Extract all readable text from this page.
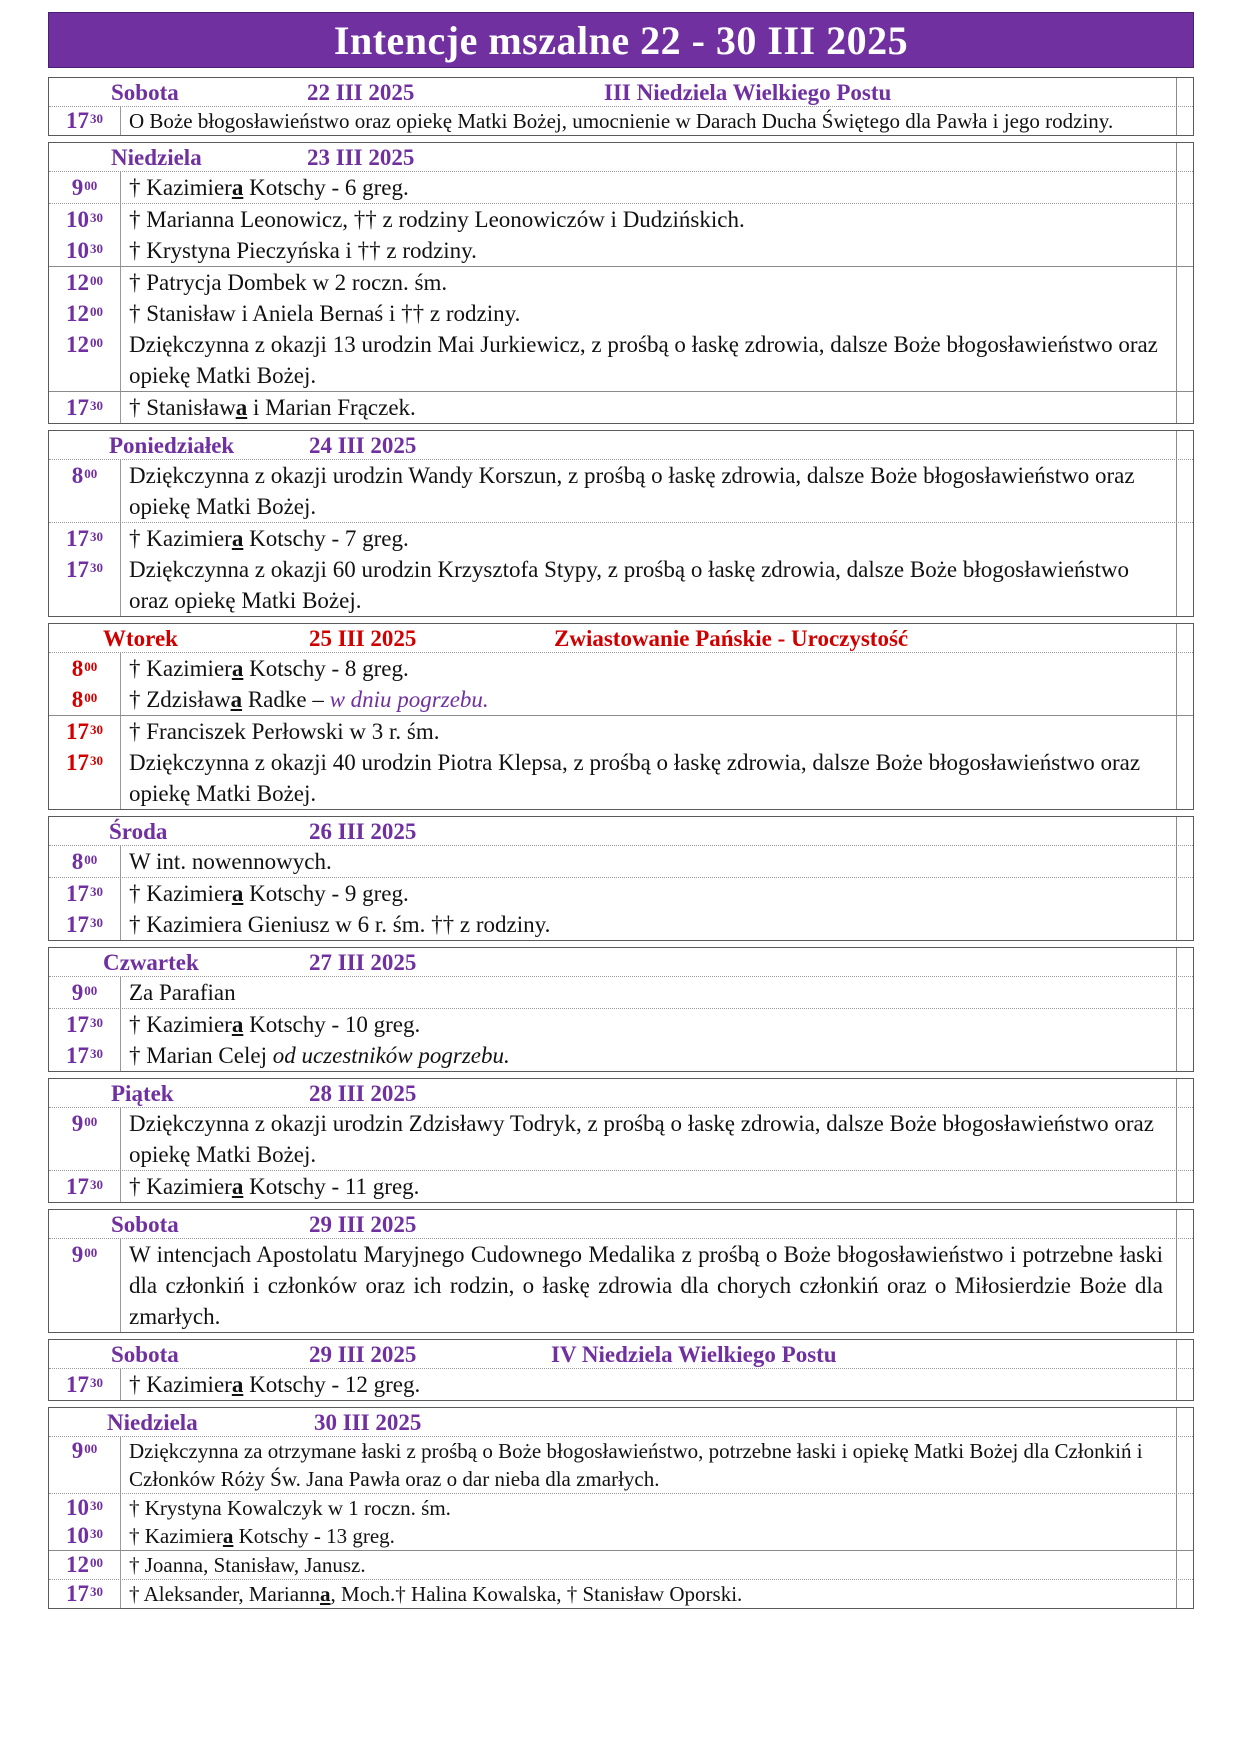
Intencje mszalne 22 - 30 III 2025
Sobota	22 III 2025	III Niedziela Wielkiego Postu
$17^{30}$	O Boże błogosławieństwo oraz opiekę Matki Bożej, umocnienie w Darach Ducha Świętego dla Pawła i jego rodziny.
Niedziela	23 III 2025
$9^{00}$	† Kazimiera Kotschy - 6 greg.
$10^{30}$	† Marianna Leonowicz, †† z rodziny Leonowiczów i Dudzińskich.
$10^{30}$	† Krystyna Pieczyńska i †† z rodziny.
$12^{00}$	† Patrycja Dombek w 2 roczn. śm.
$12^{00}$	† Stanisław i Aniela Bernaś i †† z rodziny.
$12^{00}$	Dziękczynna z okazji 13 urodzin Mai Jurkiewicz, z prośbą o łaskę zdrowia, dalsze Boże błogosławieństwo oraz opiekę Matki Bożej.
$17^{30}$	† Stanisława i Marian Frączek.
Poniedziałek	24 III 2025
$8^{00}$	Dziękczynna z okazji urodzin Wandy Korszun, z prośbą o łaskę zdrowia, dalsze Boże błogosławieństwo oraz opiekę Matki Bożej.
$17^{30}$	† Kazimiera Kotschy - 7 greg.
$17^{30}$	Dziękczynna z okazji 60 urodzin Krzysztofa Stypy, z prośbą o łaskę zdrowia, dalsze Boże błogosławieństwo oraz opiekę Matki Bożej.
Wtorek	25 III 2025	Zwiastowanie Pańskie - Uroczystość
$8^{00}$	† Kazimiera Kotschy - 8 greg.
$8^{00}$	† Zdzisława Radke – w dniu pogrzebu.
$17^{30}$	† Franciszek Perłowski w 3 r. śm.
$17^{30}$	Dziękczynna z okazji 40 urodzin Piotra Klepsa, z prośbą o łaskę zdrowia, dalsze Boże błogosławieństwo oraz opiekę Matki Bożej.
Środa	26 III 2025
$8^{00}$	W int. nowennowych.
$17^{30}$	† Kazimiera Kotschy - 9 greg.
$17^{30}$	† Kazimiera Gieniusz w 6 r. śm. †† z rodziny.
Czwartek	27 III 2025
$9^{00}$	Za Parafian
$17^{30}$	† Kazimiera Kotschy - 10 greg.
$17^{30}$	† Marian Celej od uczestników pogrzebu.
Piątek	28 III 2025
$9^{00}$	Dziękczynna z okazji urodzin Zdzisławy Todryk, z prośbą o łaskę zdrowia, dalsze Boże błogosławieństwo oraz opiekę Matki Bożej.
$17^{30}$	† Kazimiera Kotschy - 11 greg.
Sobota	29 III 2025
$9^{00}$	W intencjach Apostolatu Maryjnego Cudownego Medalika z prośbą o Boże błogosławieństwo i potrzebne łaski dla członkiń i członków oraz ich rodzin, o łaskę zdrowia dla chorych członkiń oraz o Miłosierdzie Boże dla zmarłych.
Sobota	29 III 2025	IV Niedziela Wielkiego Postu
$17^{30}$	† Kazimiera Kotschy - 12 greg.
Niedziela	30 III 2025
$9^{00}$	Dziękczynna za otrzymane łaski z prośbą o Boże błogosławieństwo, potrzebne łaski i opiekę Matki Bożej dla Członkiń i Członków Róży Św. Jana Pawła oraz o dar nieba dla zmarłych.
$10^{30}$	† Krystyna Kowalczyk w 1 roczn. śm.
$10^{30}$	† Kazimiera Kotschy - 13 greg.
$12^{00}$	† Joanna, Stanisław, Janusz.
$17^{30}$	† Aleksander, Marianna, Moch.† Halina Kowalska, † Stanisław Oporski.
